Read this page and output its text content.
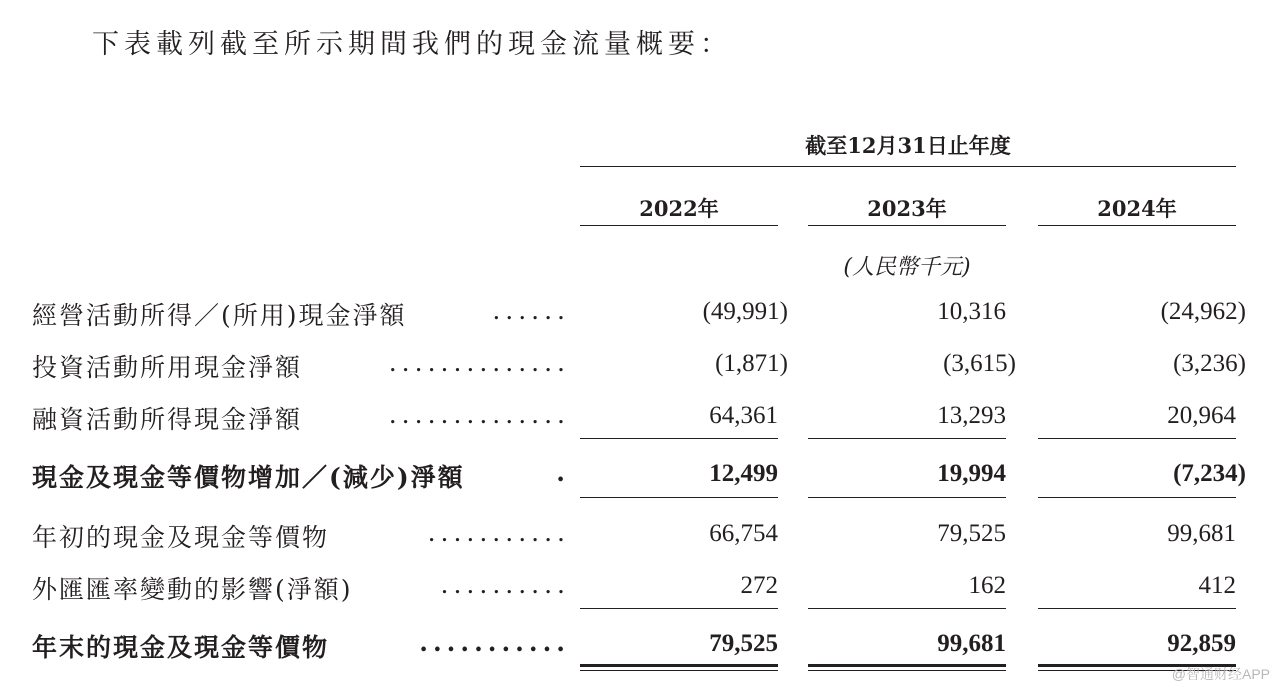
下表載列截至所示期間我們的現金流量概要：
截至12月31日止年度
2022年	2023年	2024年
(人民幣千元)
經營活動所得／(所用)現金淨額	......	(49,991)	10,316	(24,962)
投資活動所用現金淨額	..............	(1,871)	(3,615)	(3,236)
融資活動所得現金淨額	..............	64,361	13,293	20,964
現金及現金等價物增加／(減少)淨額	.	12,499	19,994	(7,234)
年初的現金及現金等價物	...........	66,754	79,525	99,681
外匯匯率變動的影響(淨額)	..........	272	162	412
年末的現金及現金等價物	...........	79,525	99,681	92,859
@智通财经APP
